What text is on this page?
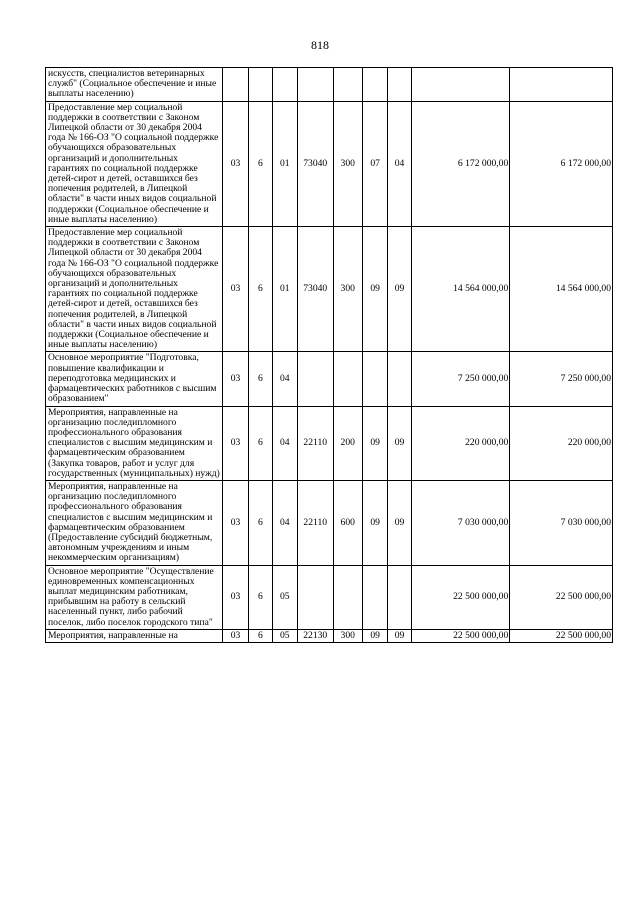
818
искусств, специалистов ветеринарных служб" (Социальное обеспечение и иные выплаты населению)									
Предоставление мер социальной поддержки в соответствии с Законом Липецкой области от 30 декабря 2004 года № 166-ОЗ "О социальной поддержке обучающихся образовательных организаций и дополнительных гарантиях по социальной поддержке детей-сирот и детей, оставшихся без попечения родителей, в Липецкой области" в части иных видов социальной поддержки (Социальное обеспечение и иные выплаты населению)	03	6	01	73040	300	07	04	6 172 000,00	6 172 000,00
Предоставление мер социальной поддержки в соответствии с Законом Липецкой области от 30 декабря 2004 года № 166-ОЗ "О социальной поддержке обучающихся образовательных организаций и дополнительных гарантиях по социальной поддержке детей-сирот и детей, оставшихся без попечения родителей, в Липецкой области" в части иных видов социальной поддержки (Социальное обеспечение и иные выплаты населению)	03	6	01	73040	300	09	09	14 564 000,00	14 564 000,00
Основное мероприятие "Подготовка, повышение квалификации и переподготовка медицинских и фармацевтических работников с высшим образованием"	03	6	04					7 250 000,00	7 250 000,00
Мероприятия, направленные на организацию последипломного профессионального образования специалистов с высшим медицинским и фармацевтическим образованием (Закупка товаров, работ и услуг для государственных (муниципальных) нужд)	03	6	04	22110	200	09	09	220 000,00	220 000,00
Мероприятия, направленные на организацию последипломного профессионального образования специалистов с высшим медицинским и фармацевтическим образованием (Предоставление субсидий бюджетным, автономным учреждениям и иным некоммерческим организациям)	03	6	04	22110	600	09	09	7 030 000,00	7 030 000,00
Основное мероприятие "Осуществление единовременных компенсационных выплат медицинским работникам, прибывшим на работу в сельский населенный пункт, либо рабочий поселок, либо поселок городского типа"	03	6	05					22 500 000,00	22 500 000,00
Мероприятия, направленные на	03	6	05	22130	300	09	09	22 500 000,00	22 500 000,00
